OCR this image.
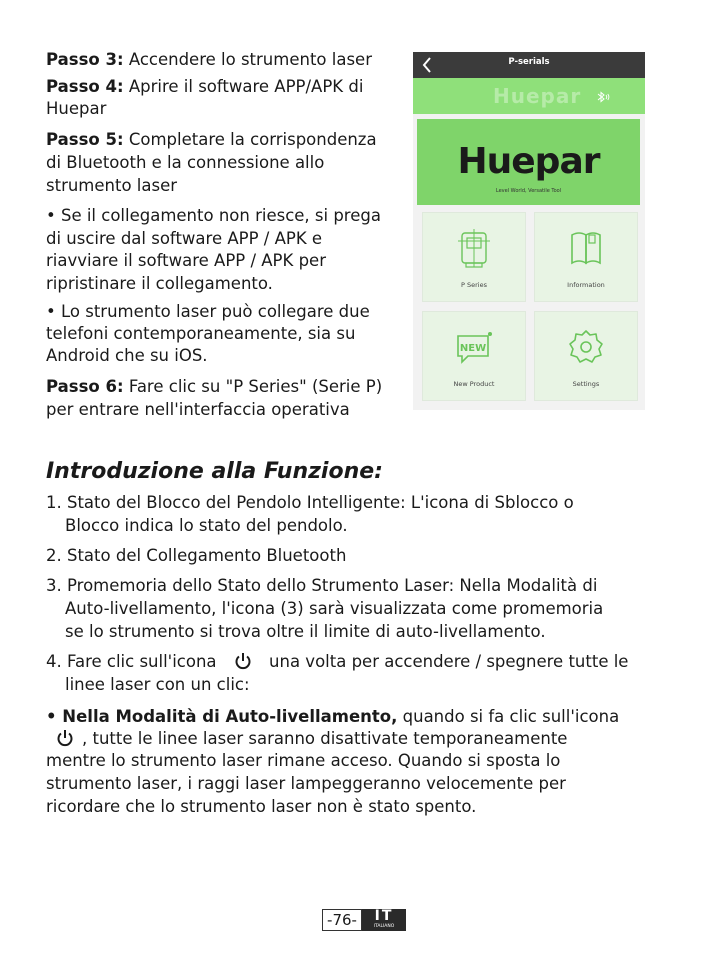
Passo 3: Accendere lo strumento laser
Passo 4: Aprire il software APP/APK di
Huepar
Passo 5: Completare la corrispondenza
di Bluetooth e la connessione allo
strumento laser
• Se il collegamento non riesce, si prega
di uscire dal software APP / APK e
riavviare il software APP / APK per
ripristinare il collegamento.
• Lo strumento laser può collegare due
telefoni contemporaneamente, sia su
Android che su iOS.
Passo 6: Fare clic su "P Series" (Serie P)
per entrare nell'interfaccia operativa
P-serials
Huepar
Huepar
Level World, Versatile Tool
P Series	Information
NEW
New Product	Settings
Introduzione alla Funzione:
1. Stato del Blocco del Pendolo Intelligente: L'icona di Sblocco o
Blocco indica lo stato del pendolo.
2. Stato del Collegamento Bluetooth
3. Promemoria dello Stato dello Strumento Laser: Nella Modalità di
Auto-livellamento, l'icona (3) sarà visualizzata come promemoria
se lo strumento si trova oltre il limite di auto-livellamento.
4. Fare clic sull'icona	una volta per accendere / spegnere tutte le
linee laser con un clic:
• Nella Modalità di Auto-livellamento, quando si fa clic sull'icona
, tutte le linee laser saranno disattivate temporaneamente
mentre lo strumento laser rimane acceso. Quando si sposta lo
strumento laser, i raggi laser lampeggeranno velocemente per
ricordare che lo strumento laser non è stato spento.
-76-	IT
ITALIANO
